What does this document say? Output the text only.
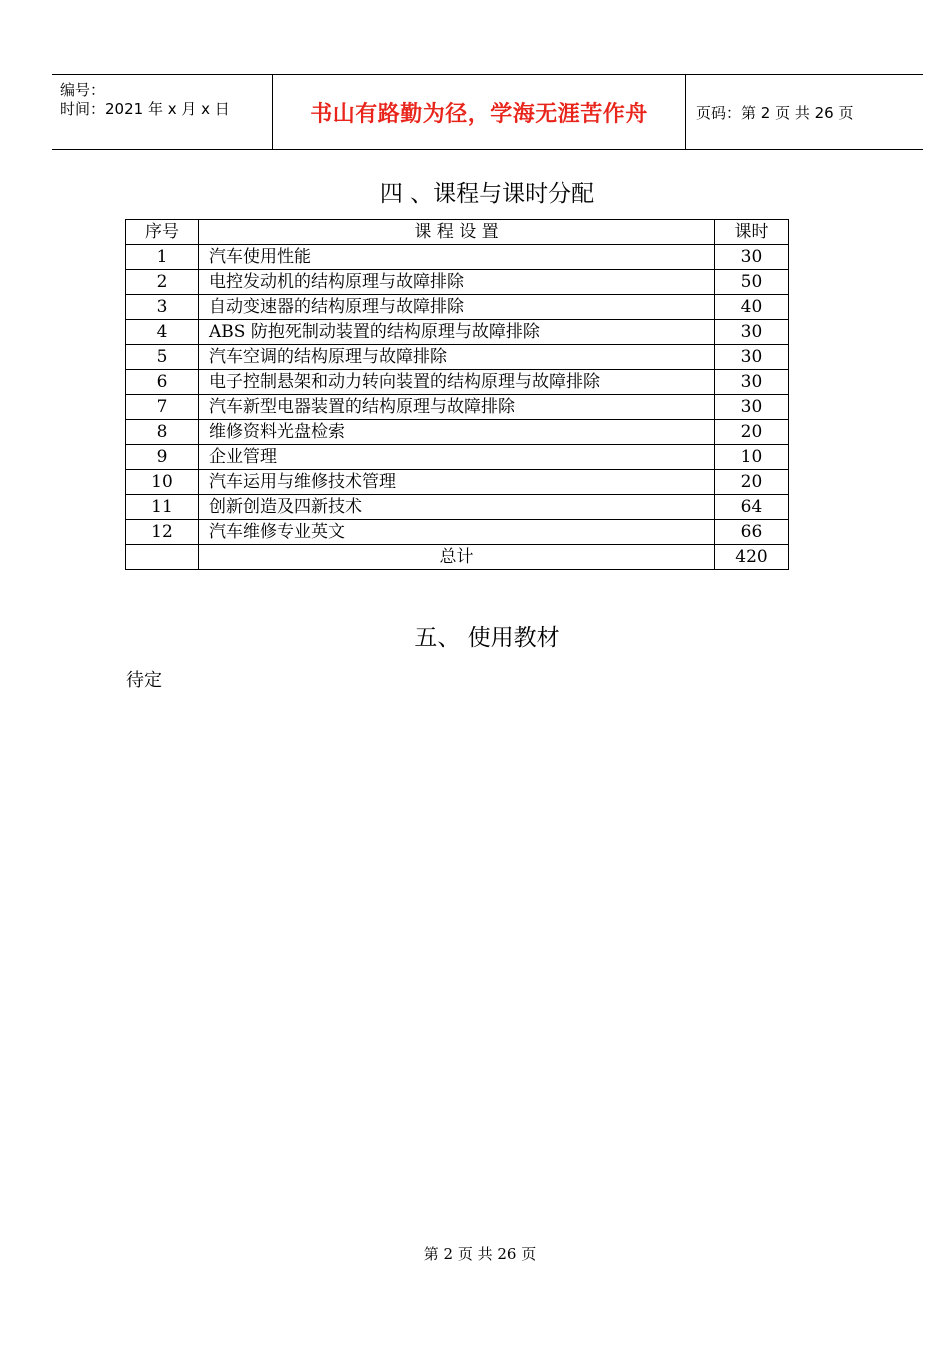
编号：
时间：2021 年 x 月 x 日	书山有路勤为径，学海无涯苦作舟	页码：第 2 页 共 26 页
四 、课程与课时分配
序号	课 程 设 置	课时
1	汽车使用性能	30
2	电控发动机的结构原理与故障排除	50
3	自动变速器的结构原理与故障排除	40
4	ABS 防抱死制动装置的结构原理与故障排除	30
5	汽车空调的结构原理与故障排除	30
6	电子控制悬架和动力转向装置的结构原理与故障排除	30
7	汽车新型电器装置的结构原理与故障排除	30
8	维修资料光盘检索	20
9	企业管理	10
10	汽车运用与维修技术管理	20
11	创新创造及四新技术	64
12	汽车维修专业英文	66
	总计	420
五、 使用教材
待定
第 2 页 共 26 页
